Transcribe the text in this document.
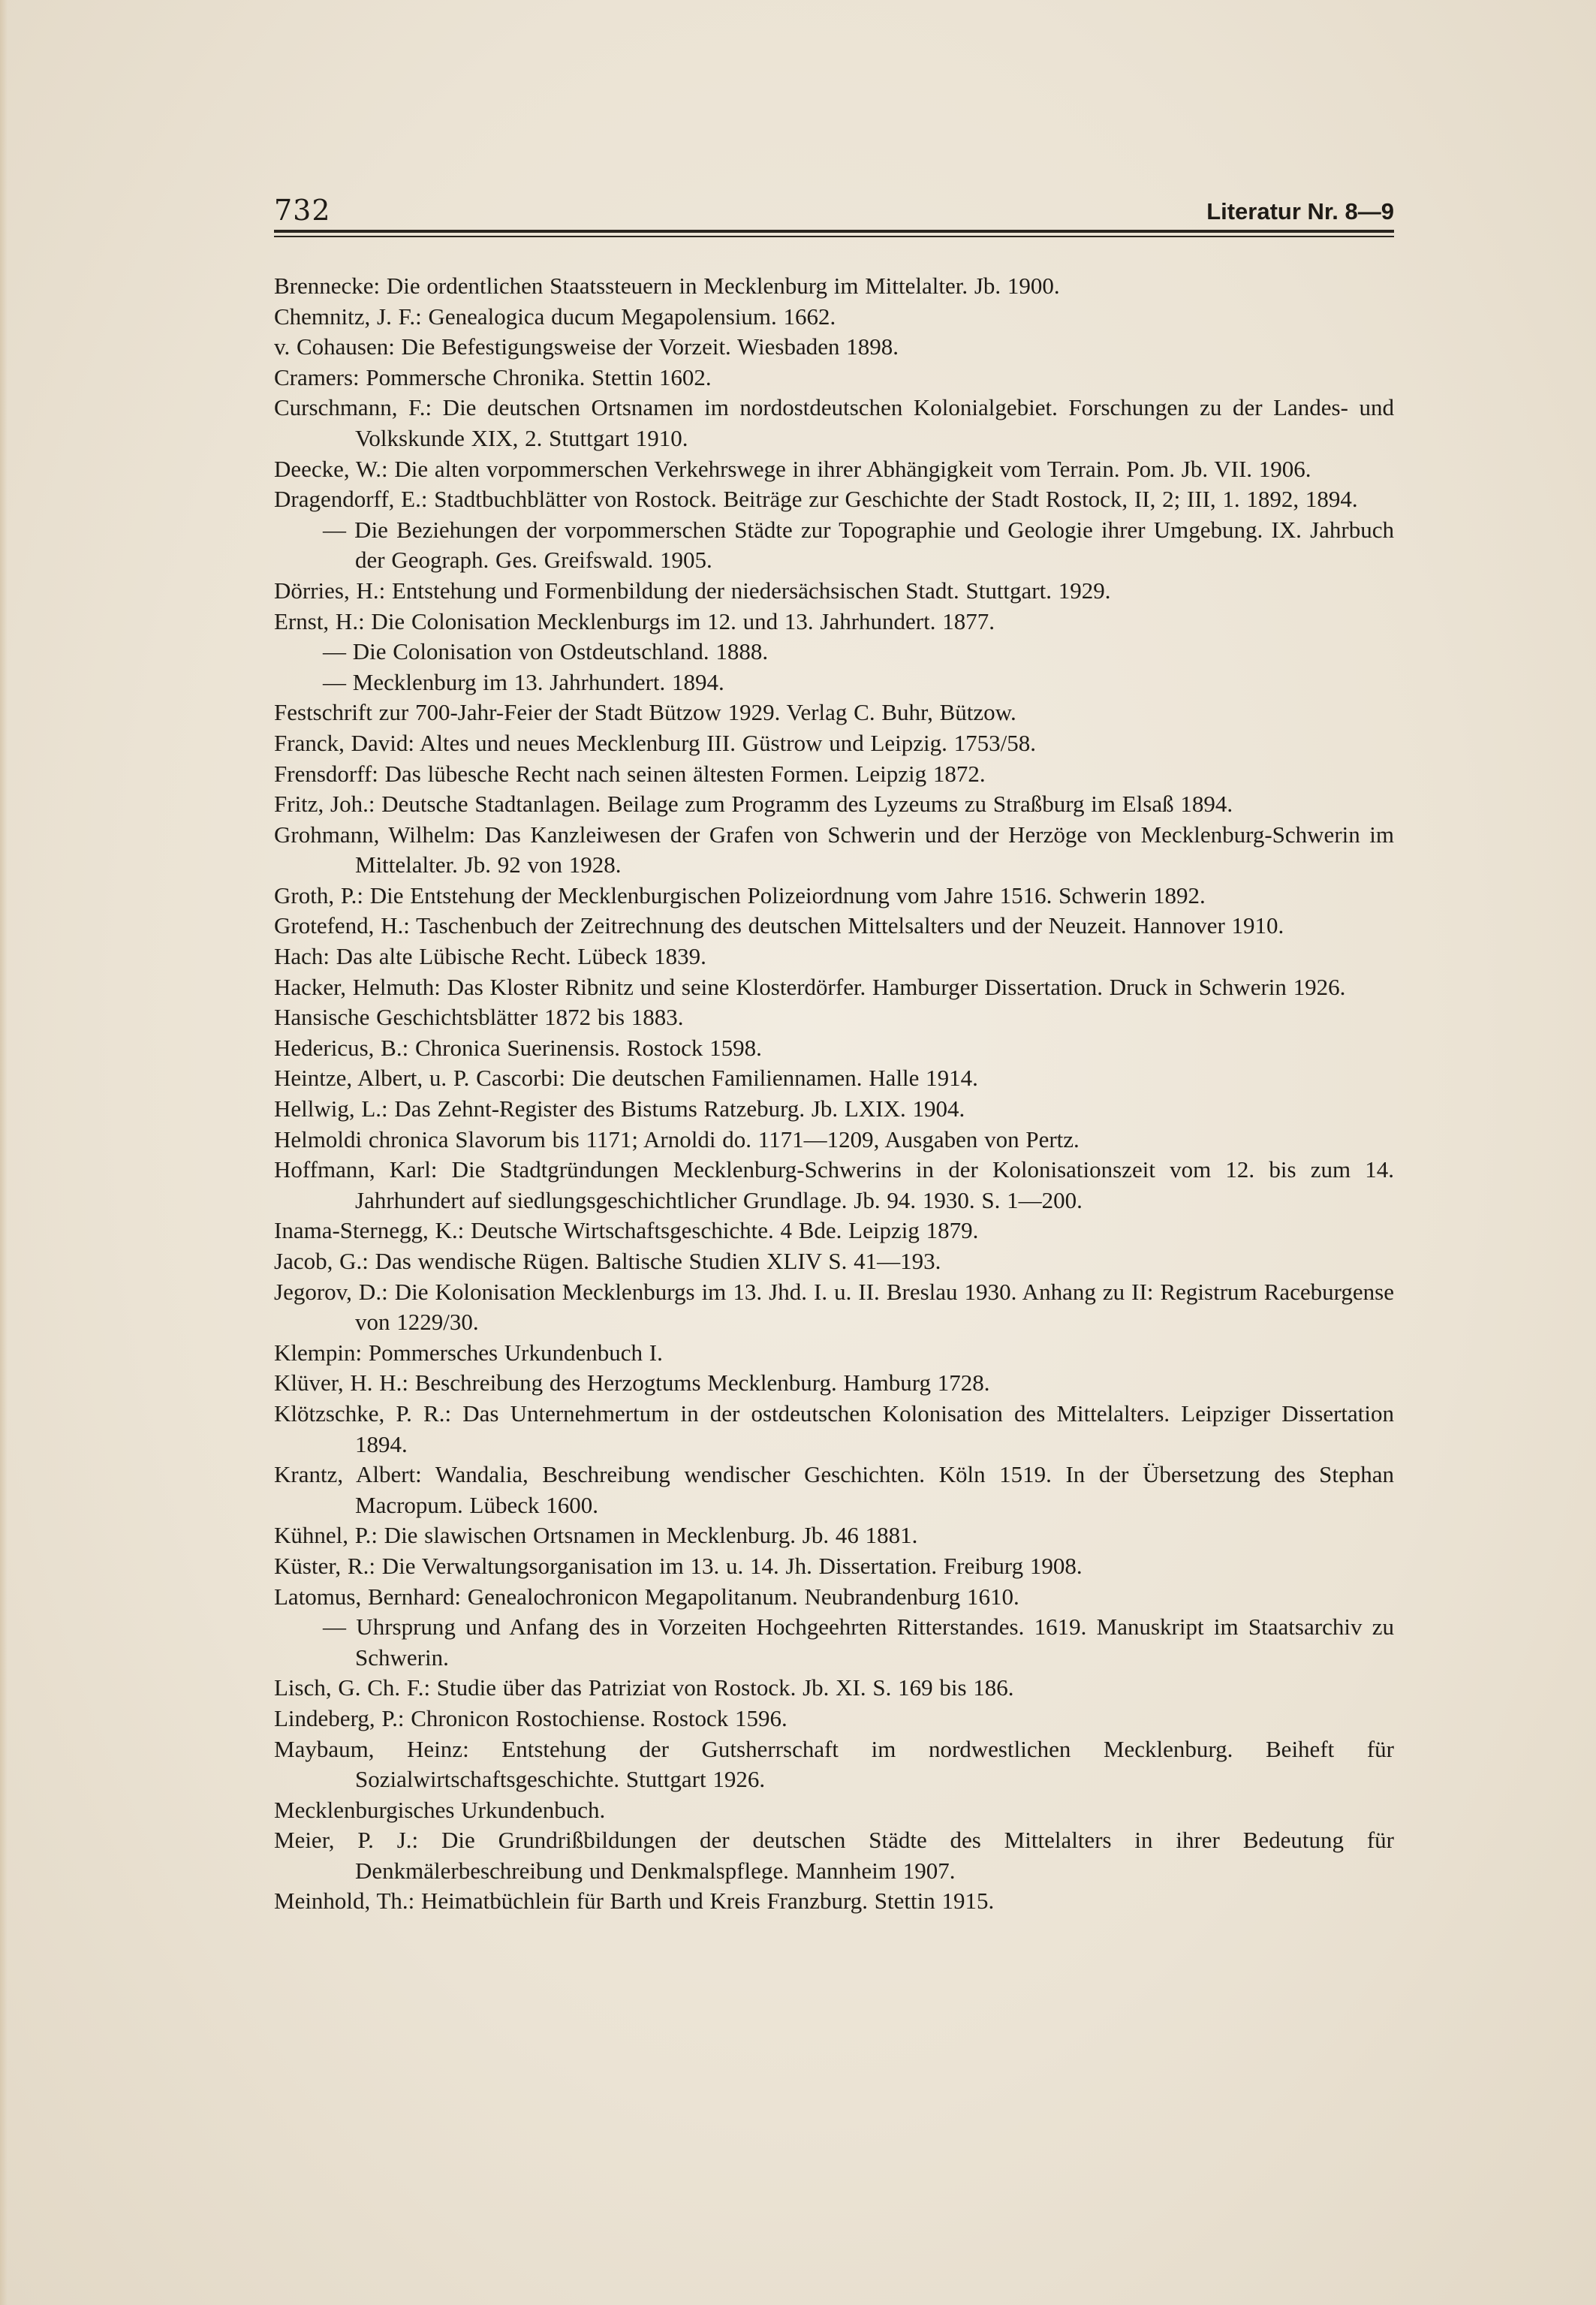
732	Literatur Nr. 8—9
Brennecke: Die ordentlichen Staatssteuern in Mecklenburg im Mittelalter. Jb. 1900.
Chemnitz, J. F.: Genealogica ducum Megapolensium. 1662.
v. Cohausen: Die Befestigungsweise der Vorzeit. Wiesbaden 1898.
Cramers: Pommersche Chronika. Stettin 1602.
Curschmann, F.: Die deutschen Ortsnamen im nordostdeutschen Kolonialgebiet. Forschungen zu der Landes- und Volkskunde XIX, 2. Stuttgart 1910.
Deecke, W.: Die alten vorpommerschen Verkehrswege in ihrer Abhängigkeit vom Terrain. Pom. Jb. VII. 1906.
Dragendorff, E.: Stadtbuchblätter von Rostock. Beiträge zur Geschichte der Stadt Rostock, II, 2; III, 1. 1892, 1894.
— Die Beziehungen der vorpommerschen Städte zur Topographie und Geologie ihrer Umgebung. IX. Jahrbuch der Geograph. Ges. Greifswald. 1905.
Dörries, H.: Entstehung und Formenbildung der niedersächsischen Stadt. Stuttgart. 1929.
Ernst, H.: Die Colonisation Mecklenburgs im 12. und 13. Jahrhundert. 1877.
— Die Colonisation von Ostdeutschland. 1888.
— Mecklenburg im 13. Jahrhundert. 1894.
Festschrift zur 700-Jahr-Feier der Stadt Bützow 1929. Verlag C. Buhr, Bützow.
Franck, David: Altes und neues Mecklenburg III. Güstrow und Leipzig. 1753/58.
Frensdorff: Das lübesche Recht nach seinen ältesten Formen. Leipzig 1872.
Fritz, Joh.: Deutsche Stadtanlagen. Beilage zum Programm des Lyzeums zu Straßburg im Elsaß 1894.
Grohmann, Wilhelm: Das Kanzleiwesen der Grafen von Schwerin und der Herzöge von Mecklenburg-Schwerin im Mittelalter. Jb. 92 von 1928.
Groth, P.: Die Entstehung der Mecklenburgischen Polizeiordnung vom Jahre 1516. Schwerin 1892.
Grotefend, H.: Taschenbuch der Zeitrechnung des deutschen Mittelsalters und der Neuzeit. Hannover 1910.
Hach: Das alte Lübische Recht. Lübeck 1839.
Hacker, Helmuth: Das Kloster Ribnitz und seine Klosterdörfer. Hamburger Dissertation. Druck in Schwerin 1926.
Hansische Geschichtsblätter 1872 bis 1883.
Hedericus, B.: Chronica Suerinensis. Rostock 1598.
Heintze, Albert, u. P. Cascorbi: Die deutschen Familiennamen. Halle 1914.
Hellwig, L.: Das Zehnt-Register des Bistums Ratzeburg. Jb. LXIX. 1904.
Helmoldi chronica Slavorum bis 1171; Arnoldi do. 1171—1209, Ausgaben von Pertz.
Hoffmann, Karl: Die Stadtgründungen Mecklenburg-Schwerins in der Kolonisationszeit vom 12. bis zum 14. Jahrhundert auf siedlungsgeschichtlicher Grundlage. Jb. 94. 1930. S. 1—200.
Inama-Sternegg, K.: Deutsche Wirtschaftsgeschichte. 4 Bde. Leipzig 1879.
Jacob, G.: Das wendische Rügen. Baltische Studien XLIV S. 41—193.
Jegorov, D.: Die Kolonisation Mecklenburgs im 13. Jhd. I. u. II. Breslau 1930. Anhang zu II: Registrum Raceburgense von 1229/30.
Klempin: Pommersches Urkundenbuch I.
Klüver, H. H.: Beschreibung des Herzogtums Mecklenburg. Hamburg 1728.
Klötzschke, P. R.: Das Unternehmertum in der ostdeutschen Kolonisation des Mittelalters. Leipziger Dissertation 1894.
Krantz, Albert: Wandalia, Beschreibung wendischer Geschichten. Köln 1519. In der Übersetzung des Stephan Macropum. Lübeck 1600.
Kühnel, P.: Die slawischen Ortsnamen in Mecklenburg. Jb. 46 1881.
Küster, R.: Die Verwaltungsorganisation im 13. u. 14. Jh. Dissertation. Freiburg 1908.
Latomus, Bernhard: Genealochronicon Megapolitanum. Neubrandenburg 1610.
— Uhrsprung und Anfang des in Vorzeiten Hochgeehrten Ritterstandes. 1619. Manuskript im Staatsarchiv zu Schwerin.
Lisch, G. Ch. F.: Studie über das Patriziat von Rostock. Jb. XI. S. 169 bis 186.
Lindeberg, P.: Chronicon Rostochiense. Rostock 1596.
Maybaum, Heinz: Entstehung der Gutsherrschaft im nordwestlichen Mecklenburg. Beiheft für Sozialwirtschaftsgeschichte. Stuttgart 1926.
Mecklenburgisches Urkundenbuch.
Meier, P. J.: Die Grundrißbildungen der deutschen Städte des Mittelalters in ihrer Bedeutung für Denkmälerbeschreibung und Denkmalspflege. Mannheim 1907.
Meinhold, Th.: Heimatbüchlein für Barth und Kreis Franzburg. Stettin 1915.
